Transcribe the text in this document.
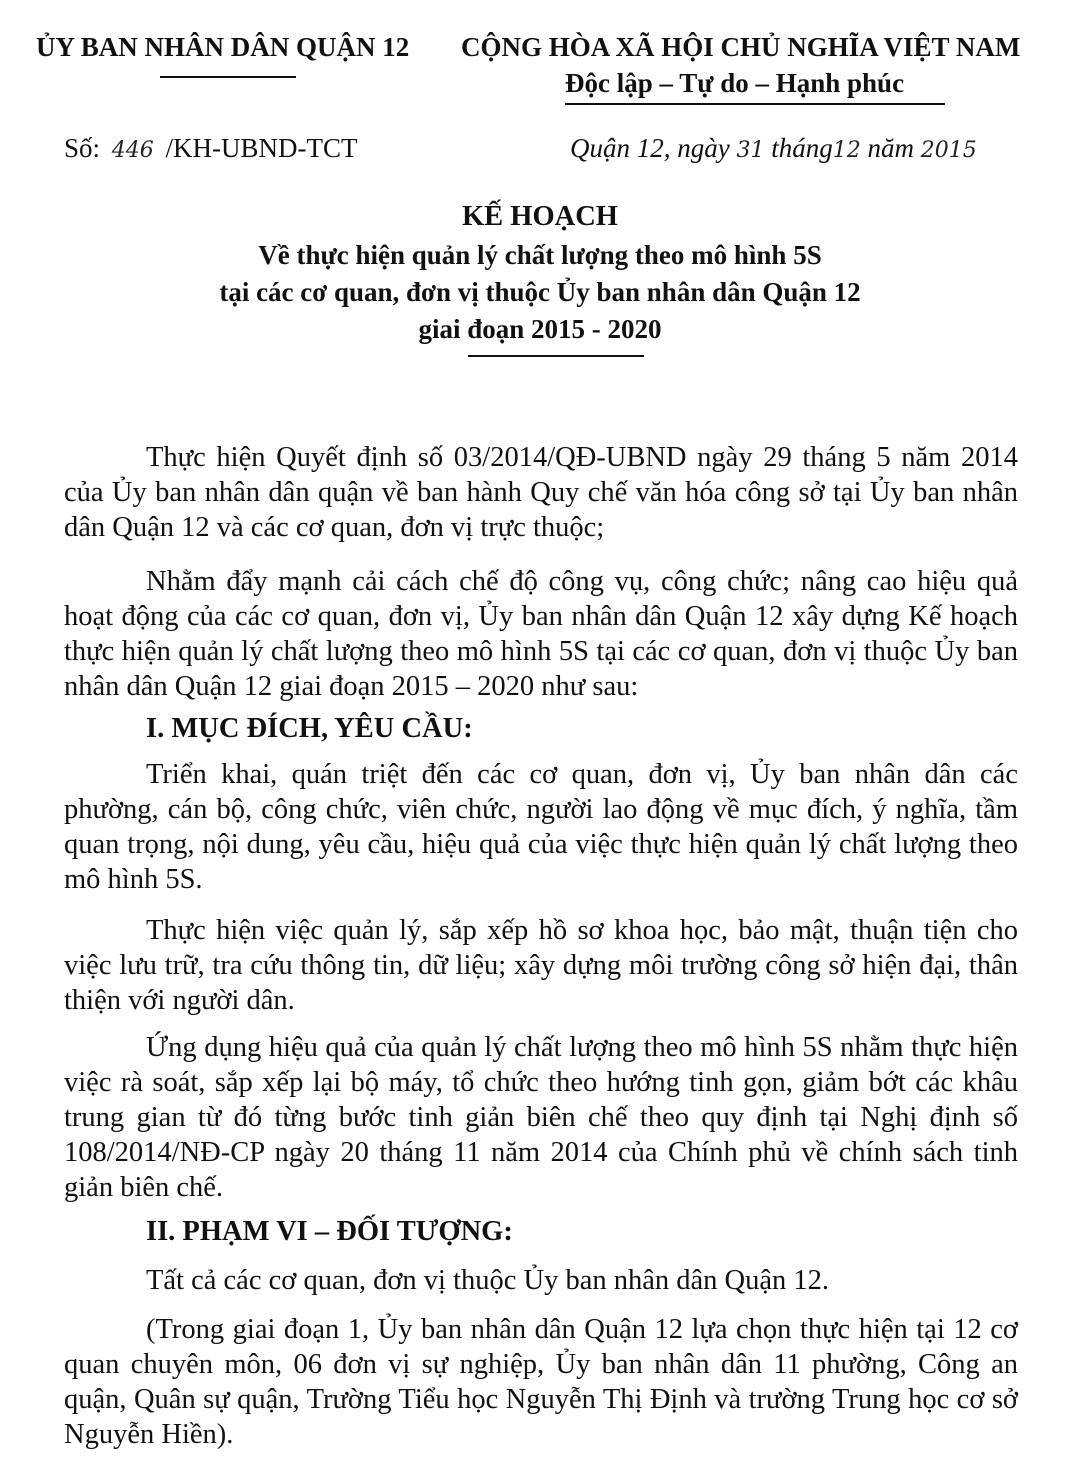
ỦY BAN NHÂN DÂN QUẬN 12 CỘNG HÒA XÃ HỘI CHỦ NGHĨA VIỆT NAM
Độc lập – Tự do – Hạnh phúc
Số: 446 /KH-UBND-TCT	Quận 12, ngày 31 tháng12 năm 2015
KẾ HOẠCH
Về thực hiện quản lý chất lượng theo mô hình 5S
tại các cơ quan, đơn vị thuộc Ủy ban nhân dân Quận 12
giai đoạn 2015 - 2020
Thực hiện Quyết định số 03/2014/QĐ-UBND ngày 29 tháng 5 năm 2014 của Ủy ban nhân dân quận về ban hành Quy chế văn hóa công sở tại Ủy ban nhân dân Quận 12 và các cơ quan, đơn vị trực thuộc;
Nhằm đẩy mạnh cải cách chế độ công vụ, công chức; nâng cao hiệu quả hoạt động của các cơ quan, đơn vị, Ủy ban nhân dân Quận 12 xây dựng Kế hoạch thực hiện quản lý chất lượng theo mô hình 5S tại các cơ quan, đơn vị thuộc Ủy ban nhân dân Quận 12 giai đoạn 2015 – 2020 như sau:
I. MỤC ĐÍCH, YÊU CẦU:
Triển khai, quán triệt đến các cơ quan, đơn vị, Ủy ban nhân dân các phường, cán bộ, công chức, viên chức, người lao động về mục đích, ý nghĩa, tầm quan trọng, nội dung, yêu cầu, hiệu quả của việc thực hiện quản lý chất lượng theo mô hình 5S.
Thực hiện việc quản lý, sắp xếp hồ sơ khoa học, bảo mật, thuận tiện cho việc lưu trữ, tra cứu thông tin, dữ liệu; xây dựng môi trường công sở hiện đại, thân thiện với người dân.
Ứng dụng hiệu quả của quản lý chất lượng theo mô hình 5S nhằm thực hiện việc rà soát, sắp xếp lại bộ máy, tổ chức theo hướng tinh gọn, giảm bớt các khâu trung gian từ đó từng bước tinh giản biên chế theo quy định tại Nghị định số 108/2014/NĐ-CP ngày 20 tháng 11 năm 2014 của Chính phủ về chính sách tinh giản biên chế.
II. PHẠM VI – ĐỐI TƯỢNG:
Tất cả các cơ quan, đơn vị thuộc Ủy ban nhân dân Quận 12.
(Trong giai đoạn 1, Ủy ban nhân dân Quận 12 lựa chọn thực hiện tại 12 cơ quan chuyên môn, 06 đơn vị sự nghiệp, Ủy ban nhân dân 11 phường, Công an quận, Quân sự quận, Trường Tiểu học Nguyễn Thị Định và trường Trung học cơ sở Nguyễn Hiền).
